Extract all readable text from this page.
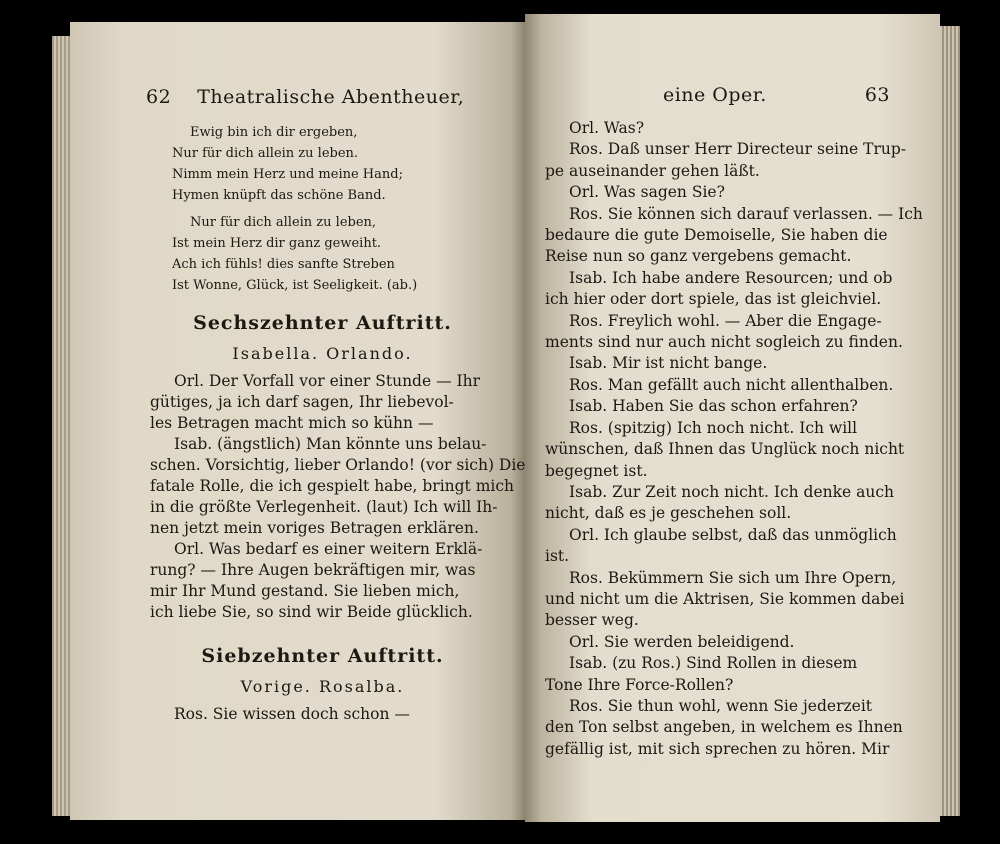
62 Theatralische Abentheuer,
Ewig bin ich dir ergeben,
Nur für dich allein zu leben.
Nimm mein Herz und meine Hand;
Hymen knüpft das schöne Band.
Nur für dich allein zu leben,
Ist mein Herz dir ganz geweiht.
Ach ich fühls! dies sanfte Streben
Ist Wonne, Glück, ist Seeligkeit. (ab.)
Sechszehnter Auftritt.
Isabella. Orlando.
Orl. Der Vorfall vor einer Stunde — Ihr
gütiges, ja ich darf sagen, Ihr liebevol-
les Betragen macht mich so kühn —
Isab. (ängstlich) Man könnte uns belau-
schen. Vorsichtig, lieber Orlando! (vor sich) Die
fatale Rolle, die ich gespielt habe, bringt mich
in die größte Verlegenheit. (laut) Ich will Ih-
nen jetzt mein voriges Betragen erklären.
Orl. Was bedarf es einer weitern Erklä-
rung? — Ihre Augen bekräftigen mir, was
mir Ihr Mund gestand. Sie lieben mich,
ich liebe Sie, so sind wir Beide glücklich.
Siebzehnter Auftritt.
Vorige. Rosalba.
Ros. Sie wissen doch schon —
eine Oper.	63
Orl. Was?
Ros. Daß unser Herr Directeur seine Trup-
pe auseinander gehen läßt.
Orl. Was sagen Sie?
Ros. Sie können sich darauf verlassen. — Ich
bedaure die gute Demoiselle, Sie haben die
Reise nun so ganz vergebens gemacht.
Isab. Ich habe andere Resourcen; und ob
ich hier oder dort spiele, das ist gleichviel.
Ros. Freylich wohl. — Aber die Engage-
ments sind nur auch nicht sogleich zu finden.
Isab. Mir ist nicht bange.
Ros. Man gefällt auch nicht allenthalben.
Isab. Haben Sie das schon erfahren?
Ros. (spitzig) Ich noch nicht. Ich will
wünschen, daß Ihnen das Unglück noch nicht
begegnet ist.
Isab. Zur Zeit noch nicht. Ich denke auch
nicht, daß es je geschehen soll.
Orl. Ich glaube selbst, daß das unmöglich
ist.
Ros. Bekümmern Sie sich um Ihre Opern,
und nicht um die Aktrisen, Sie kommen dabei
besser weg.
Orl. Sie werden beleidigend.
Isab. (zu Ros.) Sind Rollen in diesem
Tone Ihre Force-Rollen?
Ros. Sie thun wohl, wenn Sie jederzeit
den Ton selbst angeben, in welchem es Ihnen
gefällig ist, mit sich sprechen zu hören. Mir
